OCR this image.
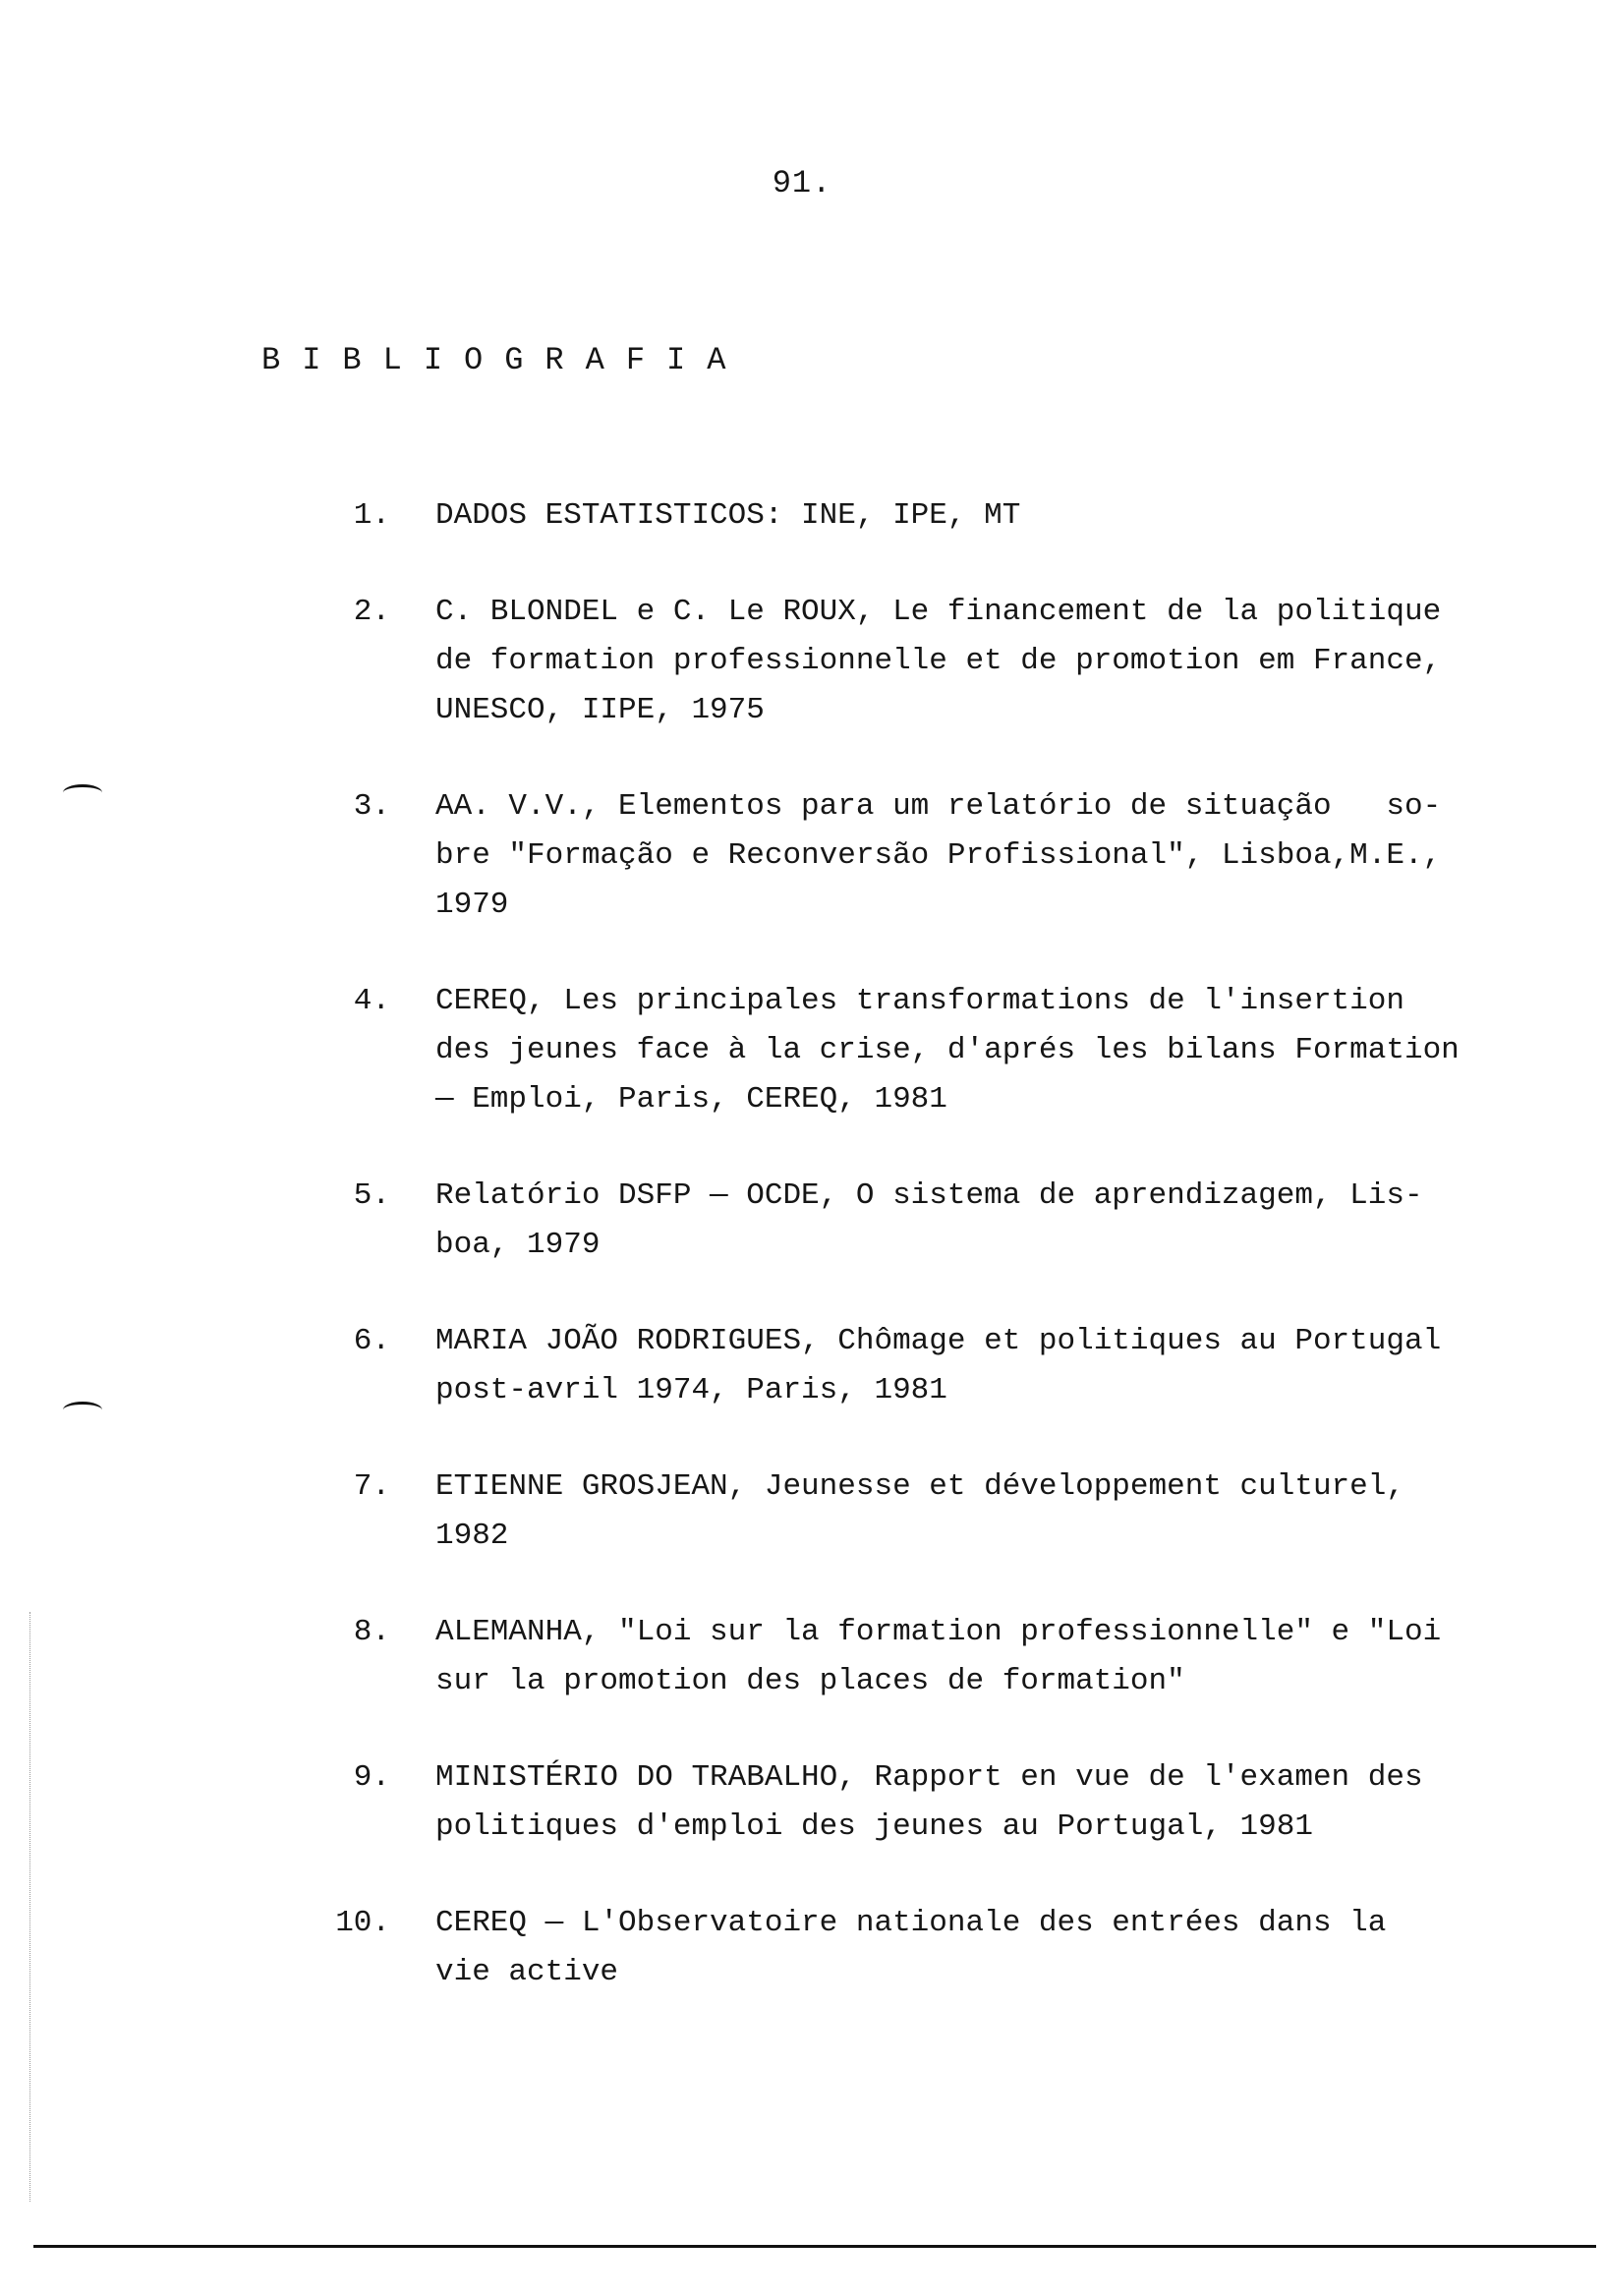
91.
BIBLIOGRAFIA
1. DADOS ESTATISTICOS: INE, IPE, MT
2. C. BLONDEL e C. Le ROUX, Le financement de la politique
de formation professionnelle et de promotion em France,
UNESCO, IIPE, 1975
3. AA. V.V., Elementos para um relatório de situação   so-
bre "Formação e Reconversão Profissional", Lisboa,M.E.,
1979
4. CEREQ, Les principales transformations de l'insertion
des jeunes face à la crise, d'aprés les bilans Formation
— Emploi, Paris, CEREQ, 1981
5. Relatório DSFP — OCDE, O sistema de aprendizagem, Lis-
boa, 1979
6. MARIA JOÃO RODRIGUES, Chômage et politiques au Portugal
post-avril 1974, Paris, 1981
7. ETIENNE GROSJEAN, Jeunesse et développement culturel,
1982
8. ALEMANHA, "Loi sur la formation professionnelle" e "Loi
sur la promotion des places de formation"
9. MINISTÉRIO DO TRABALHO, Rapport en vue de l'examen des
politiques d'emploi des jeunes au Portugal, 1981
10. CEREQ — L'Observatoire nationale des entrées dans la
vie active
